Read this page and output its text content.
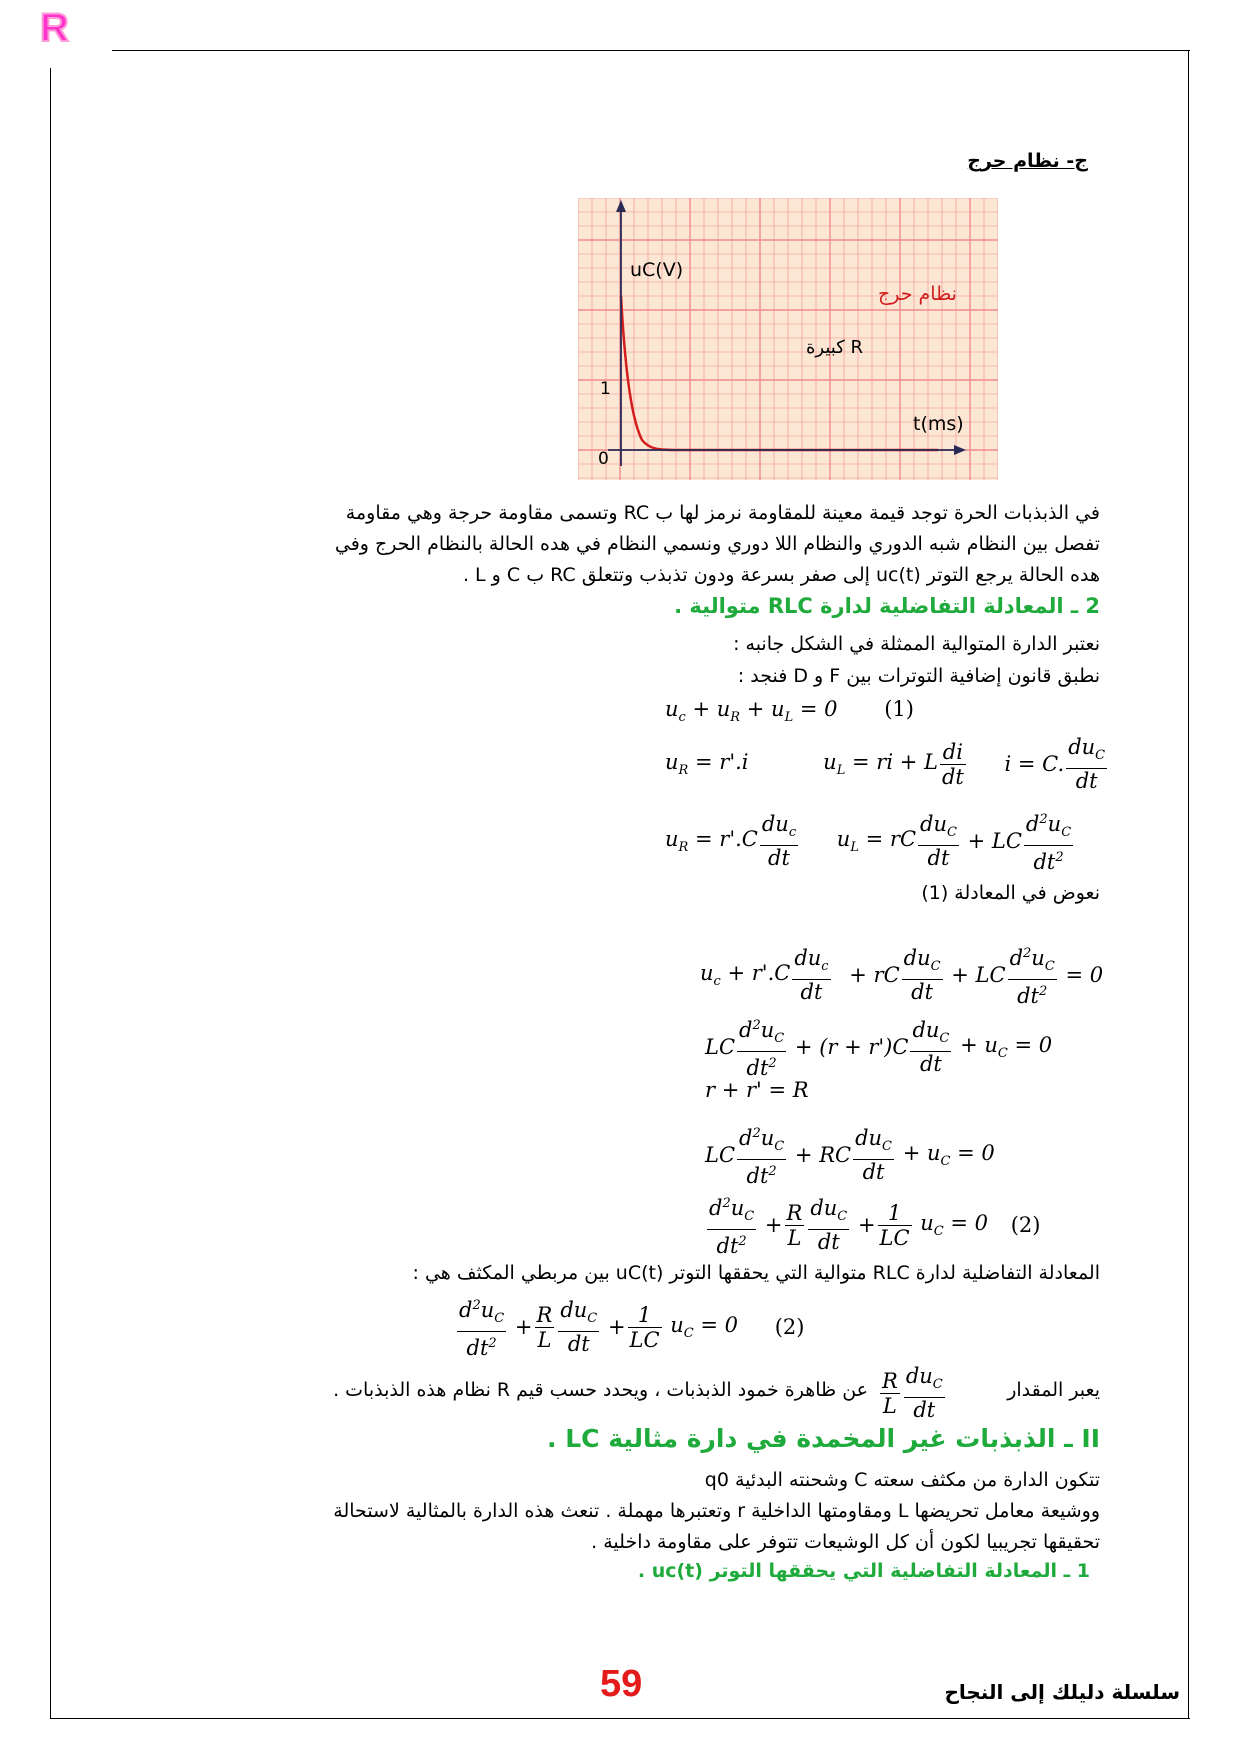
R
ج- نظام حرج
uC(V)
t(ms)
نظام حرج
R كبيرة
1
0
في الذبذبات الحرة توجد قيمة معينة للمقاومة نرمز لها ب RC وتسمى مقاومة حرجة وهي مقاومة
تفصل بين النظام شبه الدوري والنظام اللا دوري ونسمي النظام في هده الحالة بالنظام الحرج وفي
هده الحالة يرجع التوتر uc(t) إلى صفر بسرعة ودون تذبذب وتتعلق RC ب C و L .
2 ـ المعادلة التفاضلية لدارة RLC متوالية .
نعتبر الدارة المتوالية الممثلة في الشكل جانبه :
نطبق قانون إضافية التوترات بين F و D فنجد :
$u_c + u_R + u_L = 0$ (1)
$u_R = r'.i$	$u_L$ = ri + L $\frac{di}{dt}$ i = C. $\frac{du_C}{dt}$
$u_R = r'.C \frac{du_c}{dt} u_L$ = rC $\frac{du_C}{dt}$ + LC $\frac{d^2u_C}{dt^2}$
نعوض في المعادلة (1)
$u_c + r'.C \frac{du_c}{dt}$ + rC $\frac{du_C}{dt}$ + LC $\frac{d^2u_C}{dt^2} = 0$
LC $\frac{d^2u_C}{dt^2} + (r + r')C \frac{du_C}{dt} + u_C = 0$
r + r' = R
LC $\frac{d^2u_C}{dt^2}$ + RC $\frac{du_C}{dt} + u_C = 0$
$\frac{d^2u_C}{dt^2} + \frac{R}{L} \frac{du_C}{dt} + \frac{1}{LC} u_C = 0$ (2)
المعادلة التفاضلية لدارة RLC متوالية التي يحققها التوتر uC(t) بين مربطي المكثف هي :
$\frac{d^2u_C}{dt^2} + \frac{R}{L} \frac{du_C}{dt} + \frac{1}{LC} u_C = 0$ (2)
يعبر المقدار
$\frac{R}{L} \frac{du_C}{dt}$
عن ظاهرة خمود الذبذبات ، ويحدد حسب قيم R نظام هذه الذبذبات .
II ـ الذبذبات غير المخمدة في دارة مثالية LC .
تتكون الدارة من مكثف سعته C وشحنته البدئية q0
ووشيعة معامل تحريضها L ومقاومتها الداخلية r وتعتبرها مهملة . تنعث هذه الدارة بالمثالية لاستحالة
تحقيقها تجريبيا لكون أن كل الوشيعات تتوفر على مقاومة داخلية .
1 ـ المعادلة التفاضلية التي يحققها التوتر uc(t) .
سلسلة دليلك إلى النجاح
59
